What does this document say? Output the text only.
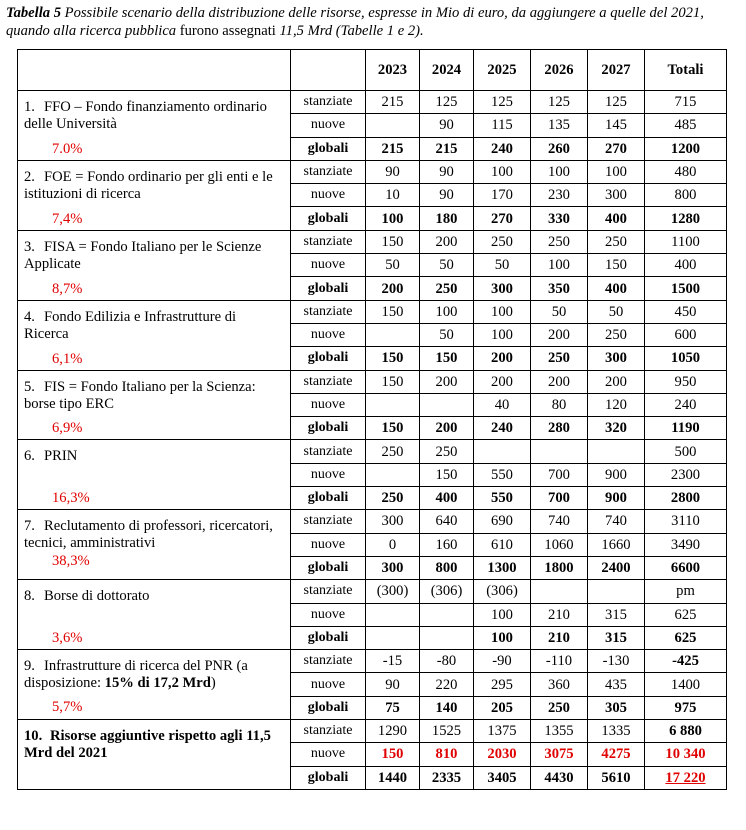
Tabella 5 Possibile scenario della distribuzione delle risorse, espresse in Mio di euro, da aggiungere a quelle del 2021, quando alla ricerca pubblica furono assegnati 11,5 Mrd (Tabelle 1 e 2).
		2023	2024	2025	2026	2027	Totali

1. FFO – Fondo finanziamento ordinario delle Università
7.0%	stanziate	215	125	125	125	125	715
	nuove		90	115	135	145	485
	globali	215	215	240	260	270	1200

2. FOE = Fondo ordinario per gli enti e le istituzioni di ricerca
7,4%	stanziate	90	90	100	100	100	480
	nuove	10	90	170	230	300	800
	globali	100	180	270	330	400	1280

3. FISA = Fondo Italiano per le Scienze Applicate
8,7%	stanziate	150	200	250	250	250	1100
	nuove	50	50	50	100	150	400
	globali	200	250	300	350	400	1500

4. Fondo Edilizia e Infrastrutture di Ricerca
6,1%	stanziate	150	100	100	50	50	450
	nuove		50	100	200	250	600
	globali	150	150	200	250	300	1050

5. FIS = Fondo Italiano per la Scienza: borse tipo ERC
6,9%	stanziate	150	200	200	200	200	950
	nuove			40	80	120	240
	globali	150	200	240	280	320	1190

6. PRIN
16,3%	stanziate	250	250				500
	nuove		150	550	700	900	2300
	globali	250	400	550	700	900	2800

7. Reclutamento di professori, ricercatori, tecnici, amministrativi
38,3%	stanziate	300	640	690	740	740	3110
	nuove	0	160	610	1060	1660	3490
	globali	300	800	1300	1800	2400	6600

8. Borse di dottorato
3,6%	stanziate	(300)	(306)	(306)			pm
	nuove			100	210	315	625
	globali			100	210	315	625

9. Infrastrutture di ricerca del PNR (a disposizione: 15% di 17,2 Mrd)
5,7%	stanziate	-15	-80	-90	-110	-130	-425
	nuove	90	220	295	360	435	1400
	globali	75	140	205	250	305	975

10. Risorse aggiuntive rispetto agli 11,5 Mrd del 2021	stanziate	1290	1525	1375	1355	1335	6 880
	nuove	150	810	2030	3075	4275	10 340
	globali	1440	2335	3405	4430	5610	17 220
